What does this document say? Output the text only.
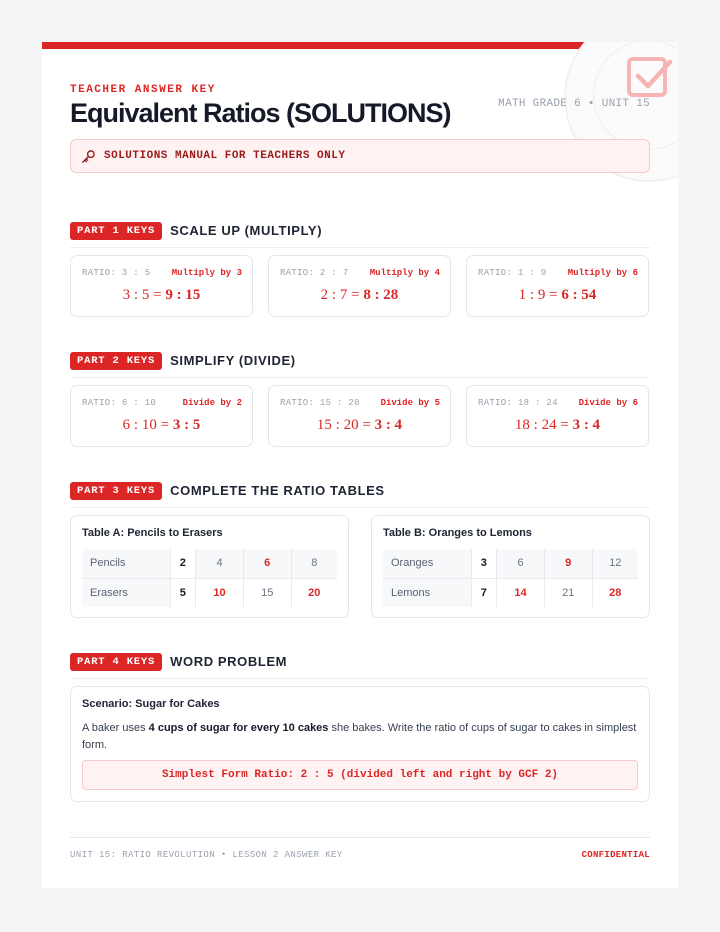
TEACHER ANSWER KEY
Equivalent Ratios (SOLUTIONS)	MATH GRADE 6 • UNIT 15
SOLUTIONS MANUAL FOR TEACHERS ONLY
PART 1 KEYS	SCALE UP (MULTIPLY)
RATIO: 3 : 5 Multiply by 3
3 : 5 = 9 : 15
RATIO: 2 : 7 Multiply by 4
2 : 7 = 8 : 28
RATIO: 1 : 9 Multiply by 6
1 : 9 = 6 : 54
PART 2 KEYS	SIMPLIFY (DIVIDE)
RATIO: 6 : 10	Divide by 2
6 : 10 = 3 : 5
RATIO: 15 : 20 Divide by 5
15 : 20 = 3 : 4
RATIO: 18 : 24 Divide by 6
18 : 24 = 3 : 4
PART 3 KEYS	COMPLETE THE RATIO TABLES
Table A: Pencils to Erasers
Pencils	2	4	6	8
Erasers	5	10	15	20
Table B: Oranges to Lemons
Oranges	3	6	9	12
Lemons	7	14	21	28
PART 4 KEYS	WORD PROBLEM
Scenario: Sugar for Cakes
A baker uses 4 cups of sugar for every 10 cakes she bakes. Write the ratio of cups of sugar to cakes in simplest form.
Simplest Form Ratio: 2 : 5 (divided left and right by GCF 2)
UNIT 15: RATIO REVOLUTION • LESSON 2 ANSWER KEY	CONFIDENTIAL
